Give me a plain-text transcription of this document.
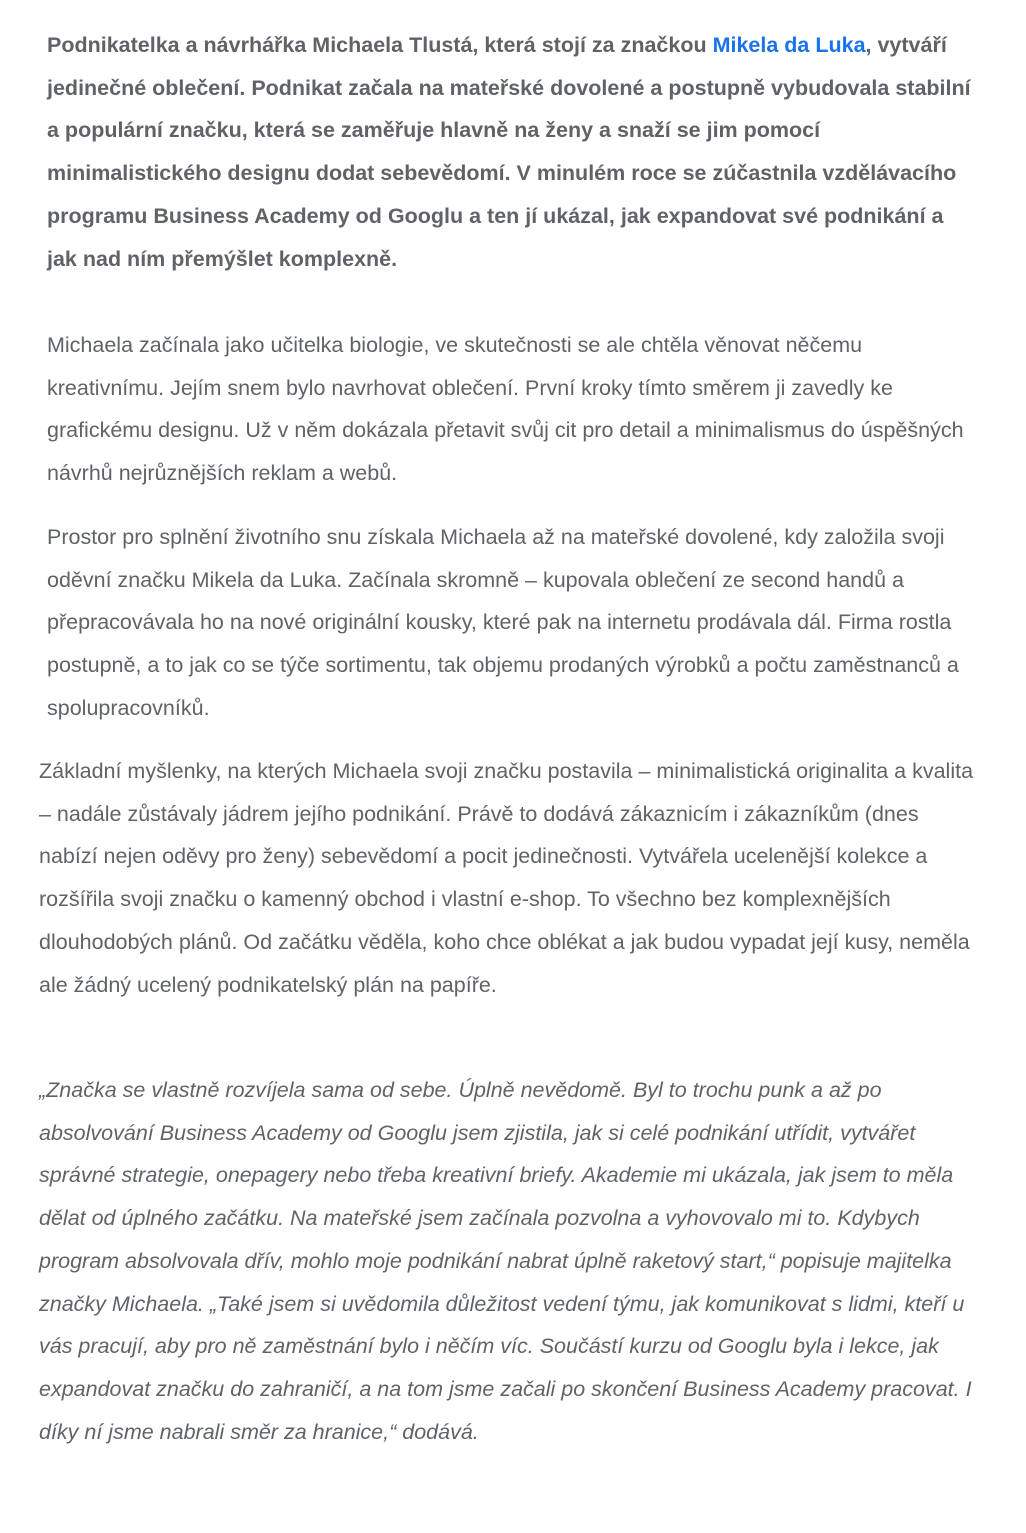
Podnikatelka a návrhářka Michaela Tlustá, která stojí za značkou Mikela da Luka, vytváří jedinečné oblečení. Podnikat začala na mateřské dovolené a postupně vybudovala stabilní a populární značku, která se zaměřuje hlavně na ženy a snaží se jim pomocí minimalistického designu dodat sebevědomí. V minulém roce se zúčastnila vzdělávacího programu Business Academy od Googlu a ten jí ukázal, jak expandovat své podnikání a jak nad ním přemýšlet komplexně.

Michaela začínala jako učitelka biologie, ve skutečnosti se ale chtěla věnovat něčemu kreativnímu. Jejím snem bylo navrhovat oblečení. První kroky tímto směrem ji zavedly ke grafickému designu. Už v něm dokázala přetavit svůj cit pro detail a minimalismus do úspěšných návrhů nejrůznějších reklam a webů.

Prostor pro splnění životního snu získala Michaela až na mateřské dovolené, kdy založila svoji oděvní značku Mikela da Luka. Začínala skromně – kupovala oblečení ze second handů a přepracovávala ho na nové originální kousky, které pak na internetu prodávala dál. Firma rostla postupně, a to jak co se týče sortimentu, tak objemu prodaných výrobků a počtu zaměstnanců a spolupracovníků.

Základní myšlenky, na kterých Michaela svoji značku postavila – minimalistická originalita a kvalita – nadále zůstávaly jádrem jejího podnikání. Právě to dodává zákaznicím i zákazníkům (dnes nabízí nejen oděvy pro ženy) sebevědomí a pocit jedinečnosti. Vytvářela ucelenější kolekce a rozšířila svoji značku o kamenný obchod i vlastní e-shop. To všechno bez komplexnějších dlouhodobých plánů. Od začátku věděla, koho chce oblékat a jak budou vypadat její kusy, neměla ale žádný ucelený podnikatelský plán na papíře.

„Značka se vlastně rozvíjela sama od sebe. Úplně nevědomě. Byl to trochu punk a až po absolvování Business Academy od Googlu jsem zjistila, jak si celé podnikání utřídit, vytvářet správné strategie, onepagery nebo třeba kreativní briefy. Akademie mi ukázala, jak jsem to měla dělat od úplného začátku. Na mateřské jsem začínala pozvolna a vyhovovalo mi to. Kdybych program absolvovala dřív, mohlo moje podnikání nabrat úplně raketový start,“ popisuje majitelka značky Michaela. „Také jsem si uvědomila důležitost vedení týmu, jak komunikovat s lidmi, kteří u vás pracují, aby pro ně zaměstnání bylo i něčím víc. Součástí kurzu od Googlu byla i lekce, jak expandovat značku do zahraničí, a na tom jsme začali po skončení Business Academy pracovat. I díky ní jsme nabrali směr za hranice,“ dodává.
